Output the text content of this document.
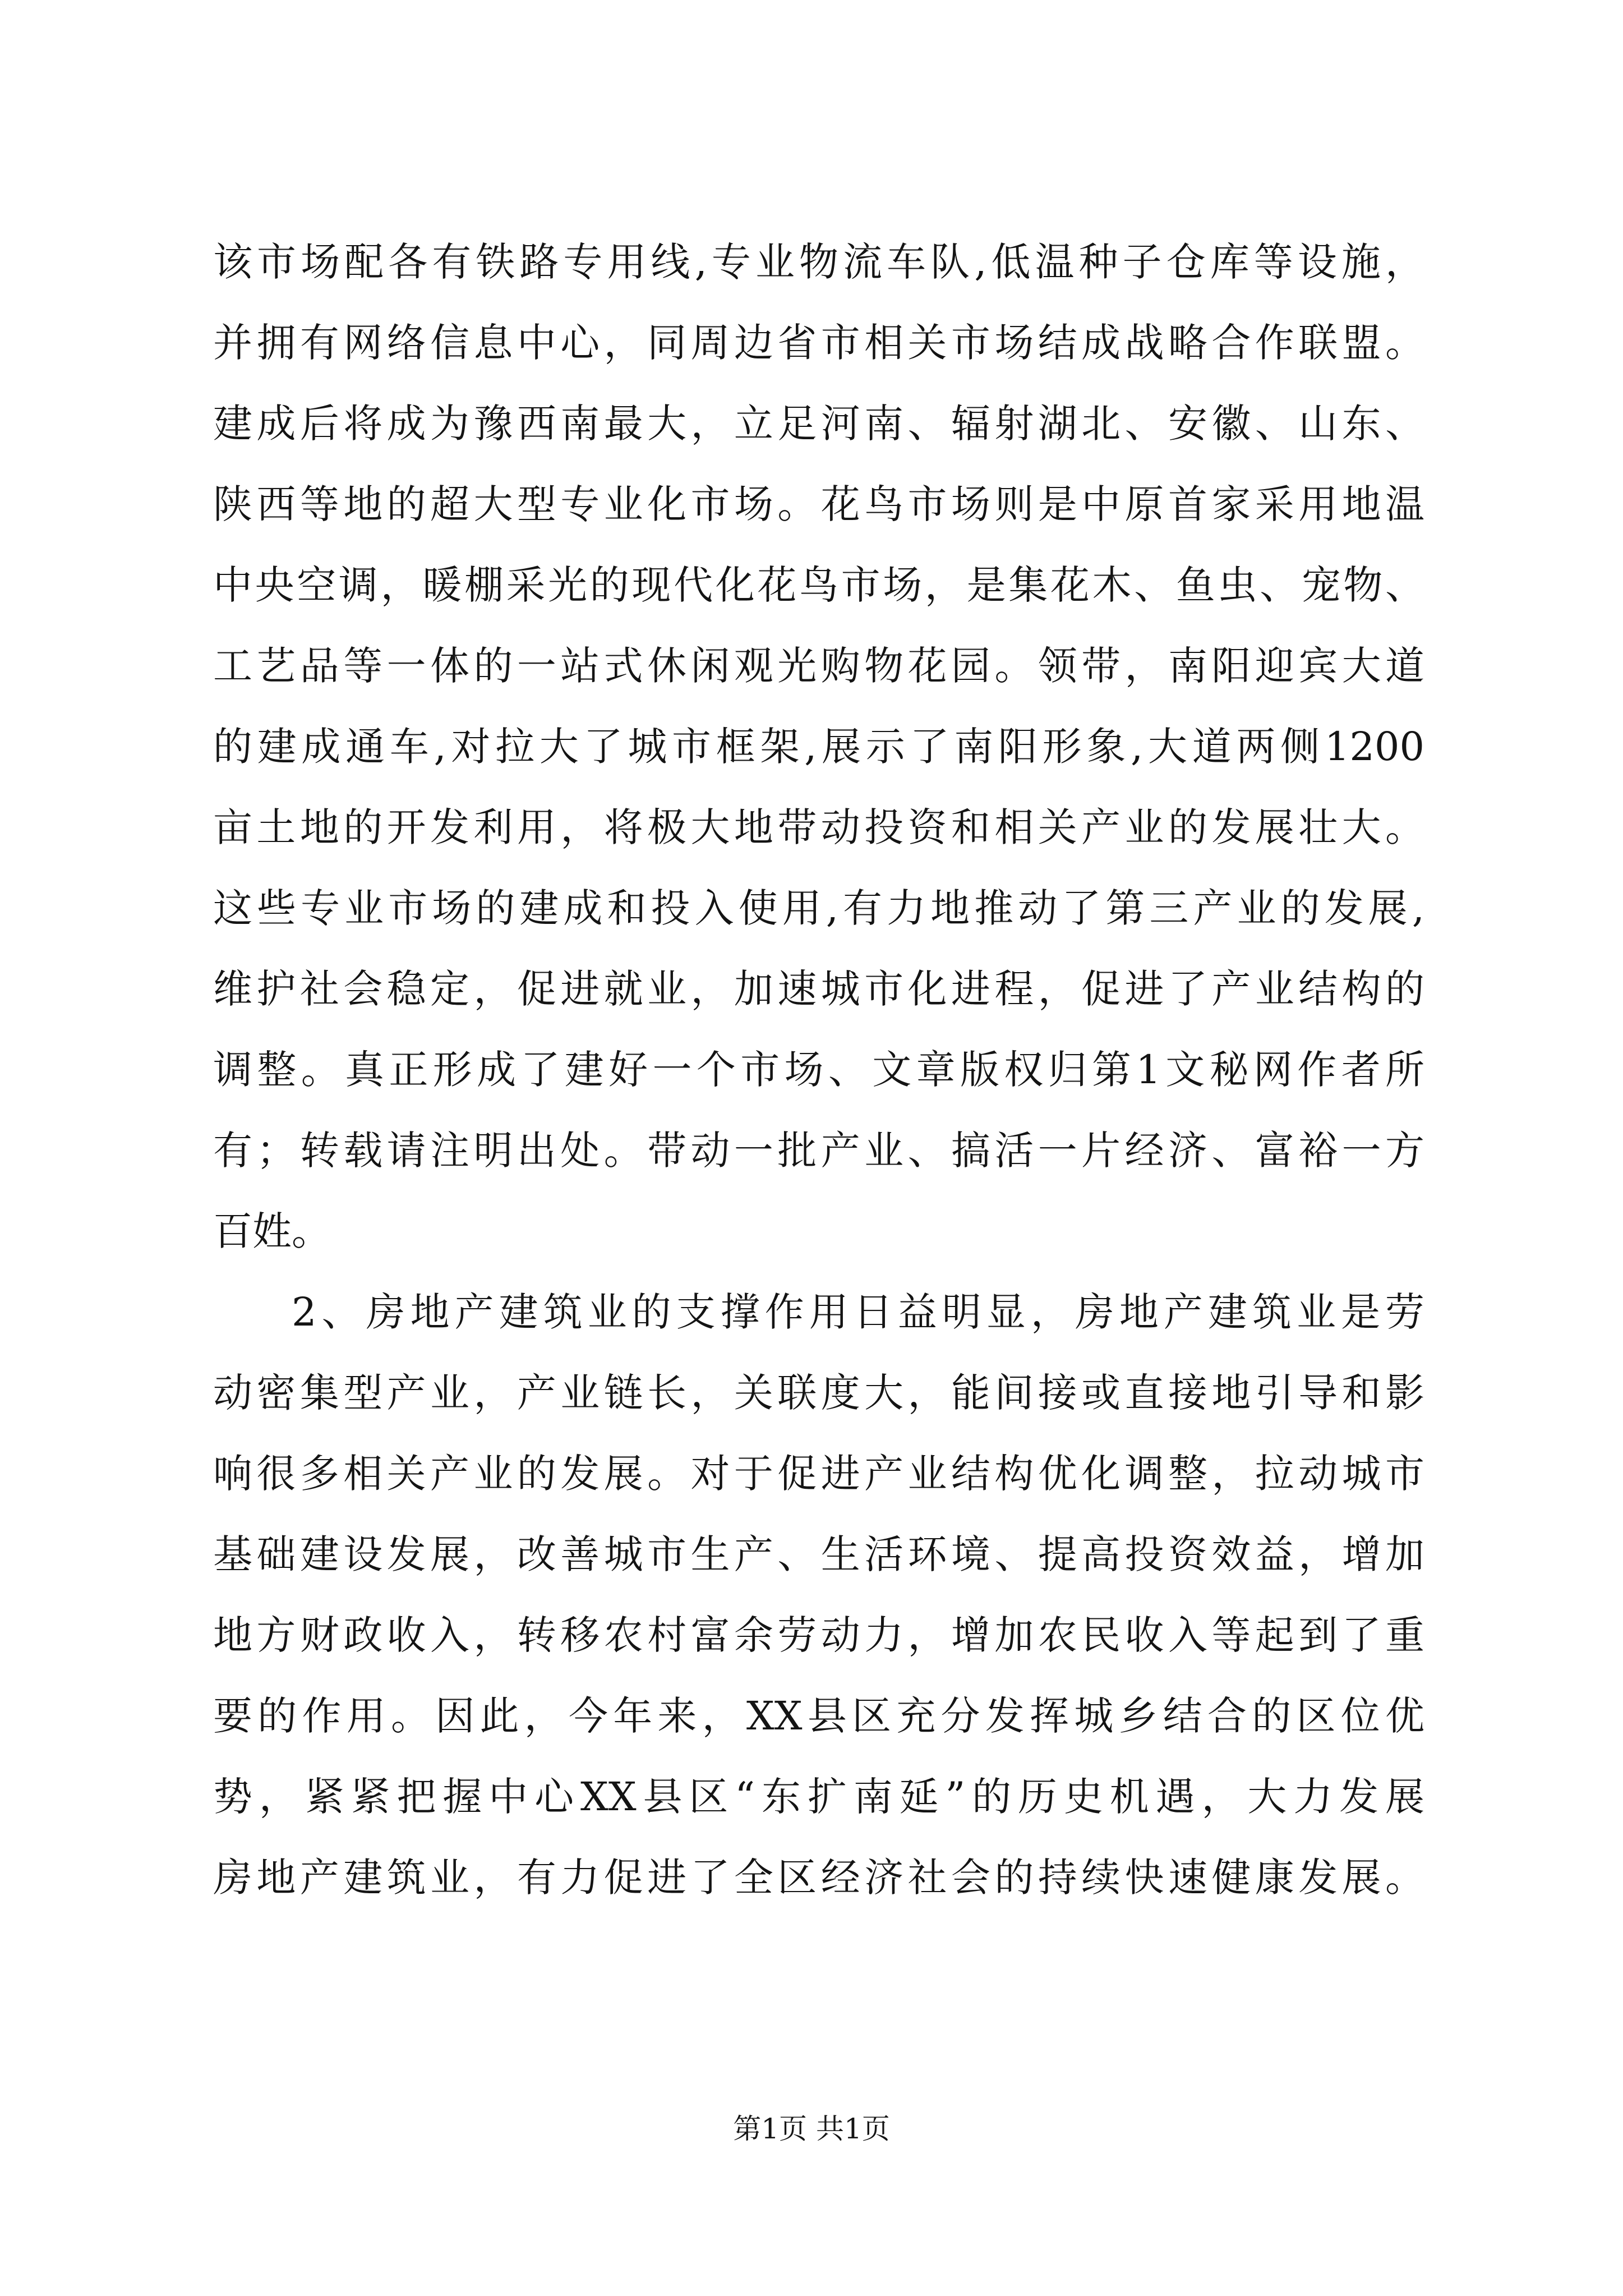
该市场配各有铁路专用线,专业物流车队,低温种子仓库等设施，

并拥有网络信息中心，同周边省市相关市场结成战略合作联盟。

建成后将成为豫西南最大，立足河南、辐射湖北、安徽、山东、

陕西等地的超大型专业化市场。花鸟市场则是中原首家采用地温

中央空调，暖棚采光的现代化花鸟市场，是集花木、鱼虫、宠物、

工艺品等一体的一站式休闲观光购物花园。领带，南阳迎宾大道

的建成通车,对拉大了城市框架,展示了南阳形象,大道两侧1200

亩土地的开发利用，将极大地带动投资和相关产业的发展壮大。

这些专业市场的建成和投入使用,有力地推动了第三产业的发展,

维护社会稳定，促进就业，加速城市化进程，促进了产业结构的

调整。真正形成了建好一个市场、文章版权归第1文秘网作者所

有；转载请注明出处。带动一批产业、搞活一片经济、富裕一方

百姓。

2、房地产建筑业的支撑作用日益明显，房地产建筑业是劳

动密集型产业，产业链长，关联度大，能间接或直接地引导和影

响很多相关产业的发展。对于促进产业结构优化调整，拉动城市

基础建设发展，改善城市生产、生活环境、提高投资效益，增加

地方财政收入，转移农村富余劳动力，增加农民收入等起到了重

要的作用。因此，今年来，XX县区充分发挥城乡结合的区位优

势，紧紧把握中心XX县区“东扩南延”的历史机遇，大力发展

房地产建筑业，有力促进了全区经济社会的持续快速健康发展。

第1页 共1页
